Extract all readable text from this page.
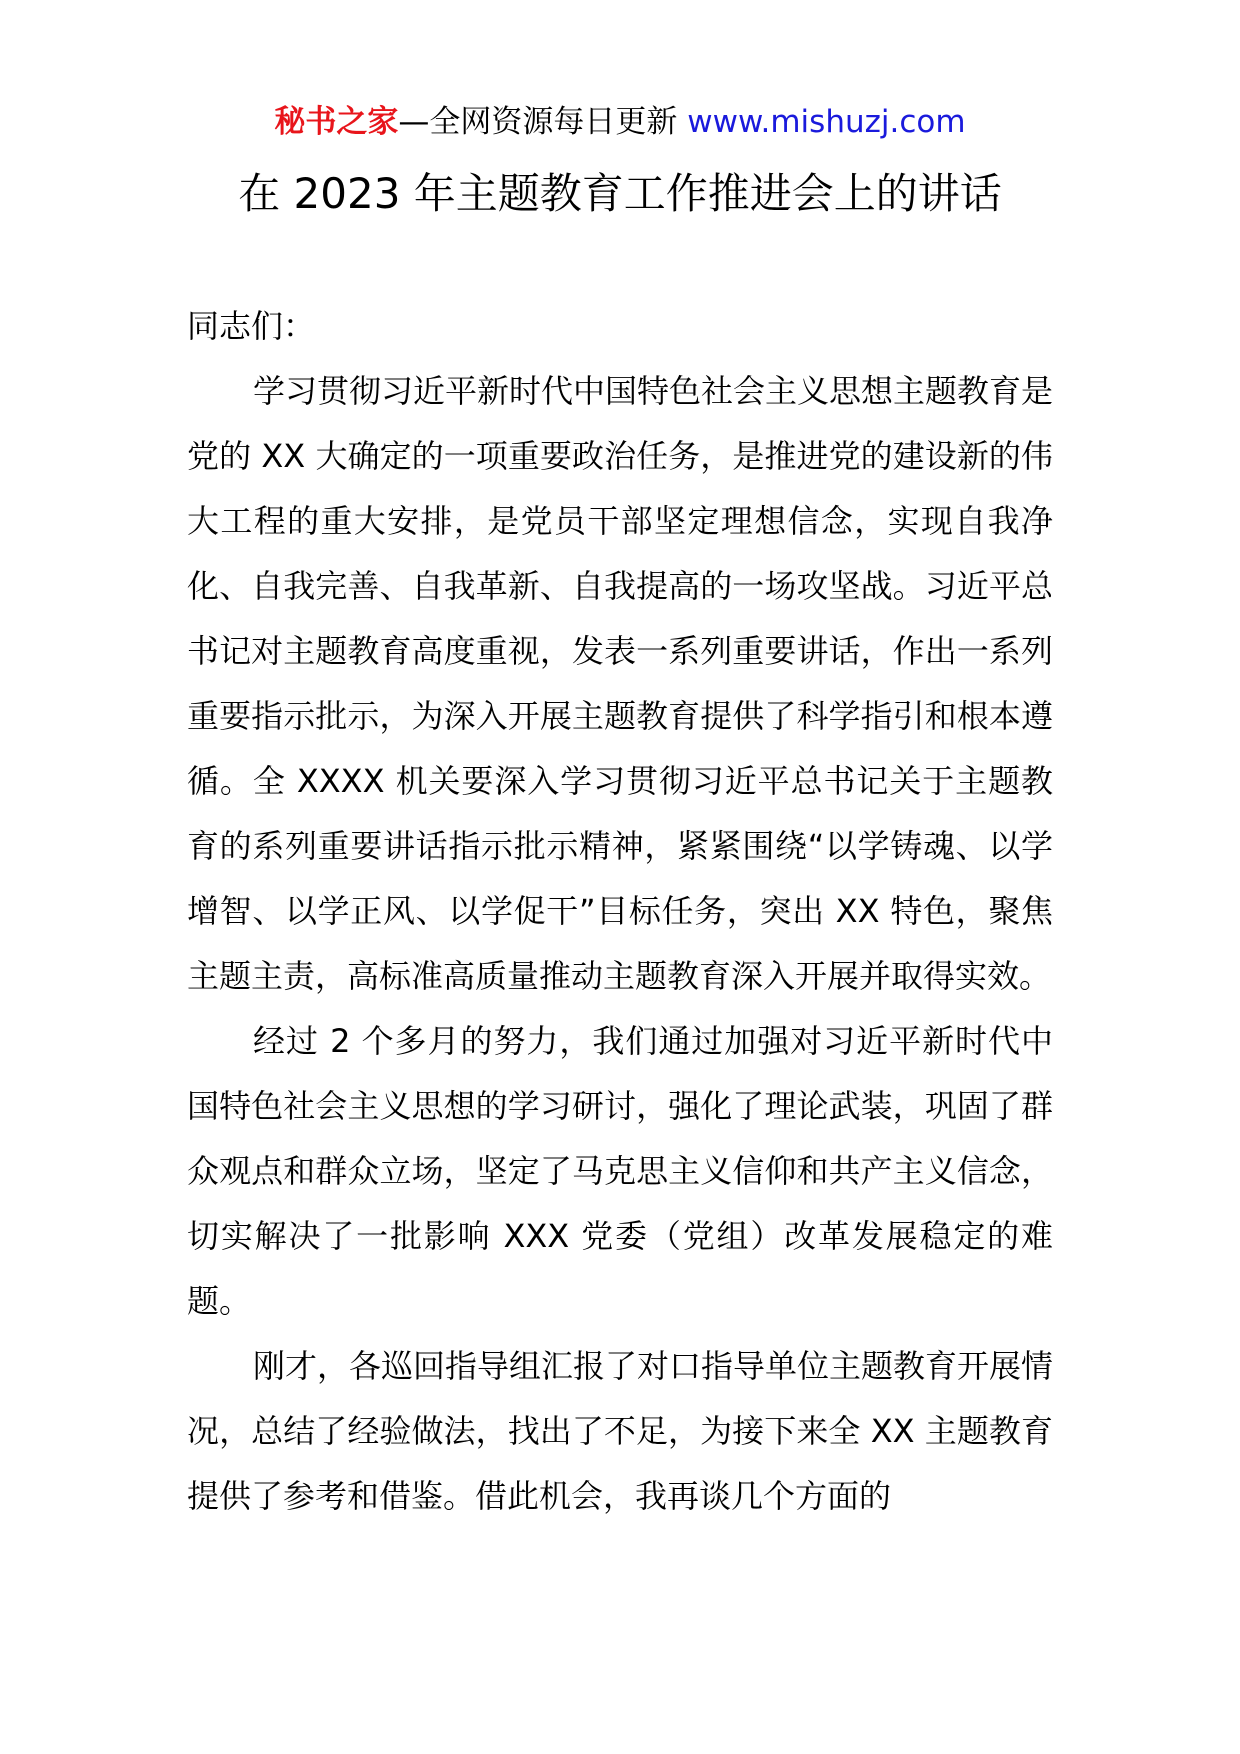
秘书之家—全网资源每日更新 www.mishuzj.com
在 2023 年主题教育工作推进会上的讲话

同志们：

学习贯彻习近平新时代中国特色社会主义思想主题教育是党的 XX 大确定的一项重要政治任务，是推进党的建设新的伟大工程的重大安排，是党员干部坚定理想信念，实现自我净化、自我完善、自我革新、自我提高的一场攻坚战。习近平总书记对主题教育高度重视，发表一系列重要讲话，作出一系列重要指示批示，为深入开展主题教育提供了科学指引和根本遵循。全 XXXX 机关要深入学习贯彻习近平总书记关于主题教育的系列重要讲话指示批示精神，紧紧围绕“以学铸魂、以学增智、以学正风、以学促干”目标任务，突出 XX 特色，聚焦主题主责，高标准高质量推动主题教育深入开展并取得实效。

经过 2 个多月的努力，我们通过加强对习近平新时代中国特色社会主义思想的学习研讨，强化了理论武装，巩固了群众观点和群众立场，坚定了马克思主义信仰和共产主义信念，切实解决了一批影响 XXX 党委（党组）改革发展稳定的难题。

刚才，各巡回指导组汇报了对口指导单位主题教育开展情况，总结了经验做法，找出了不足，为接下来全 XX 主题教育提供了参考和借鉴。借此机会，我再谈几个方面的
